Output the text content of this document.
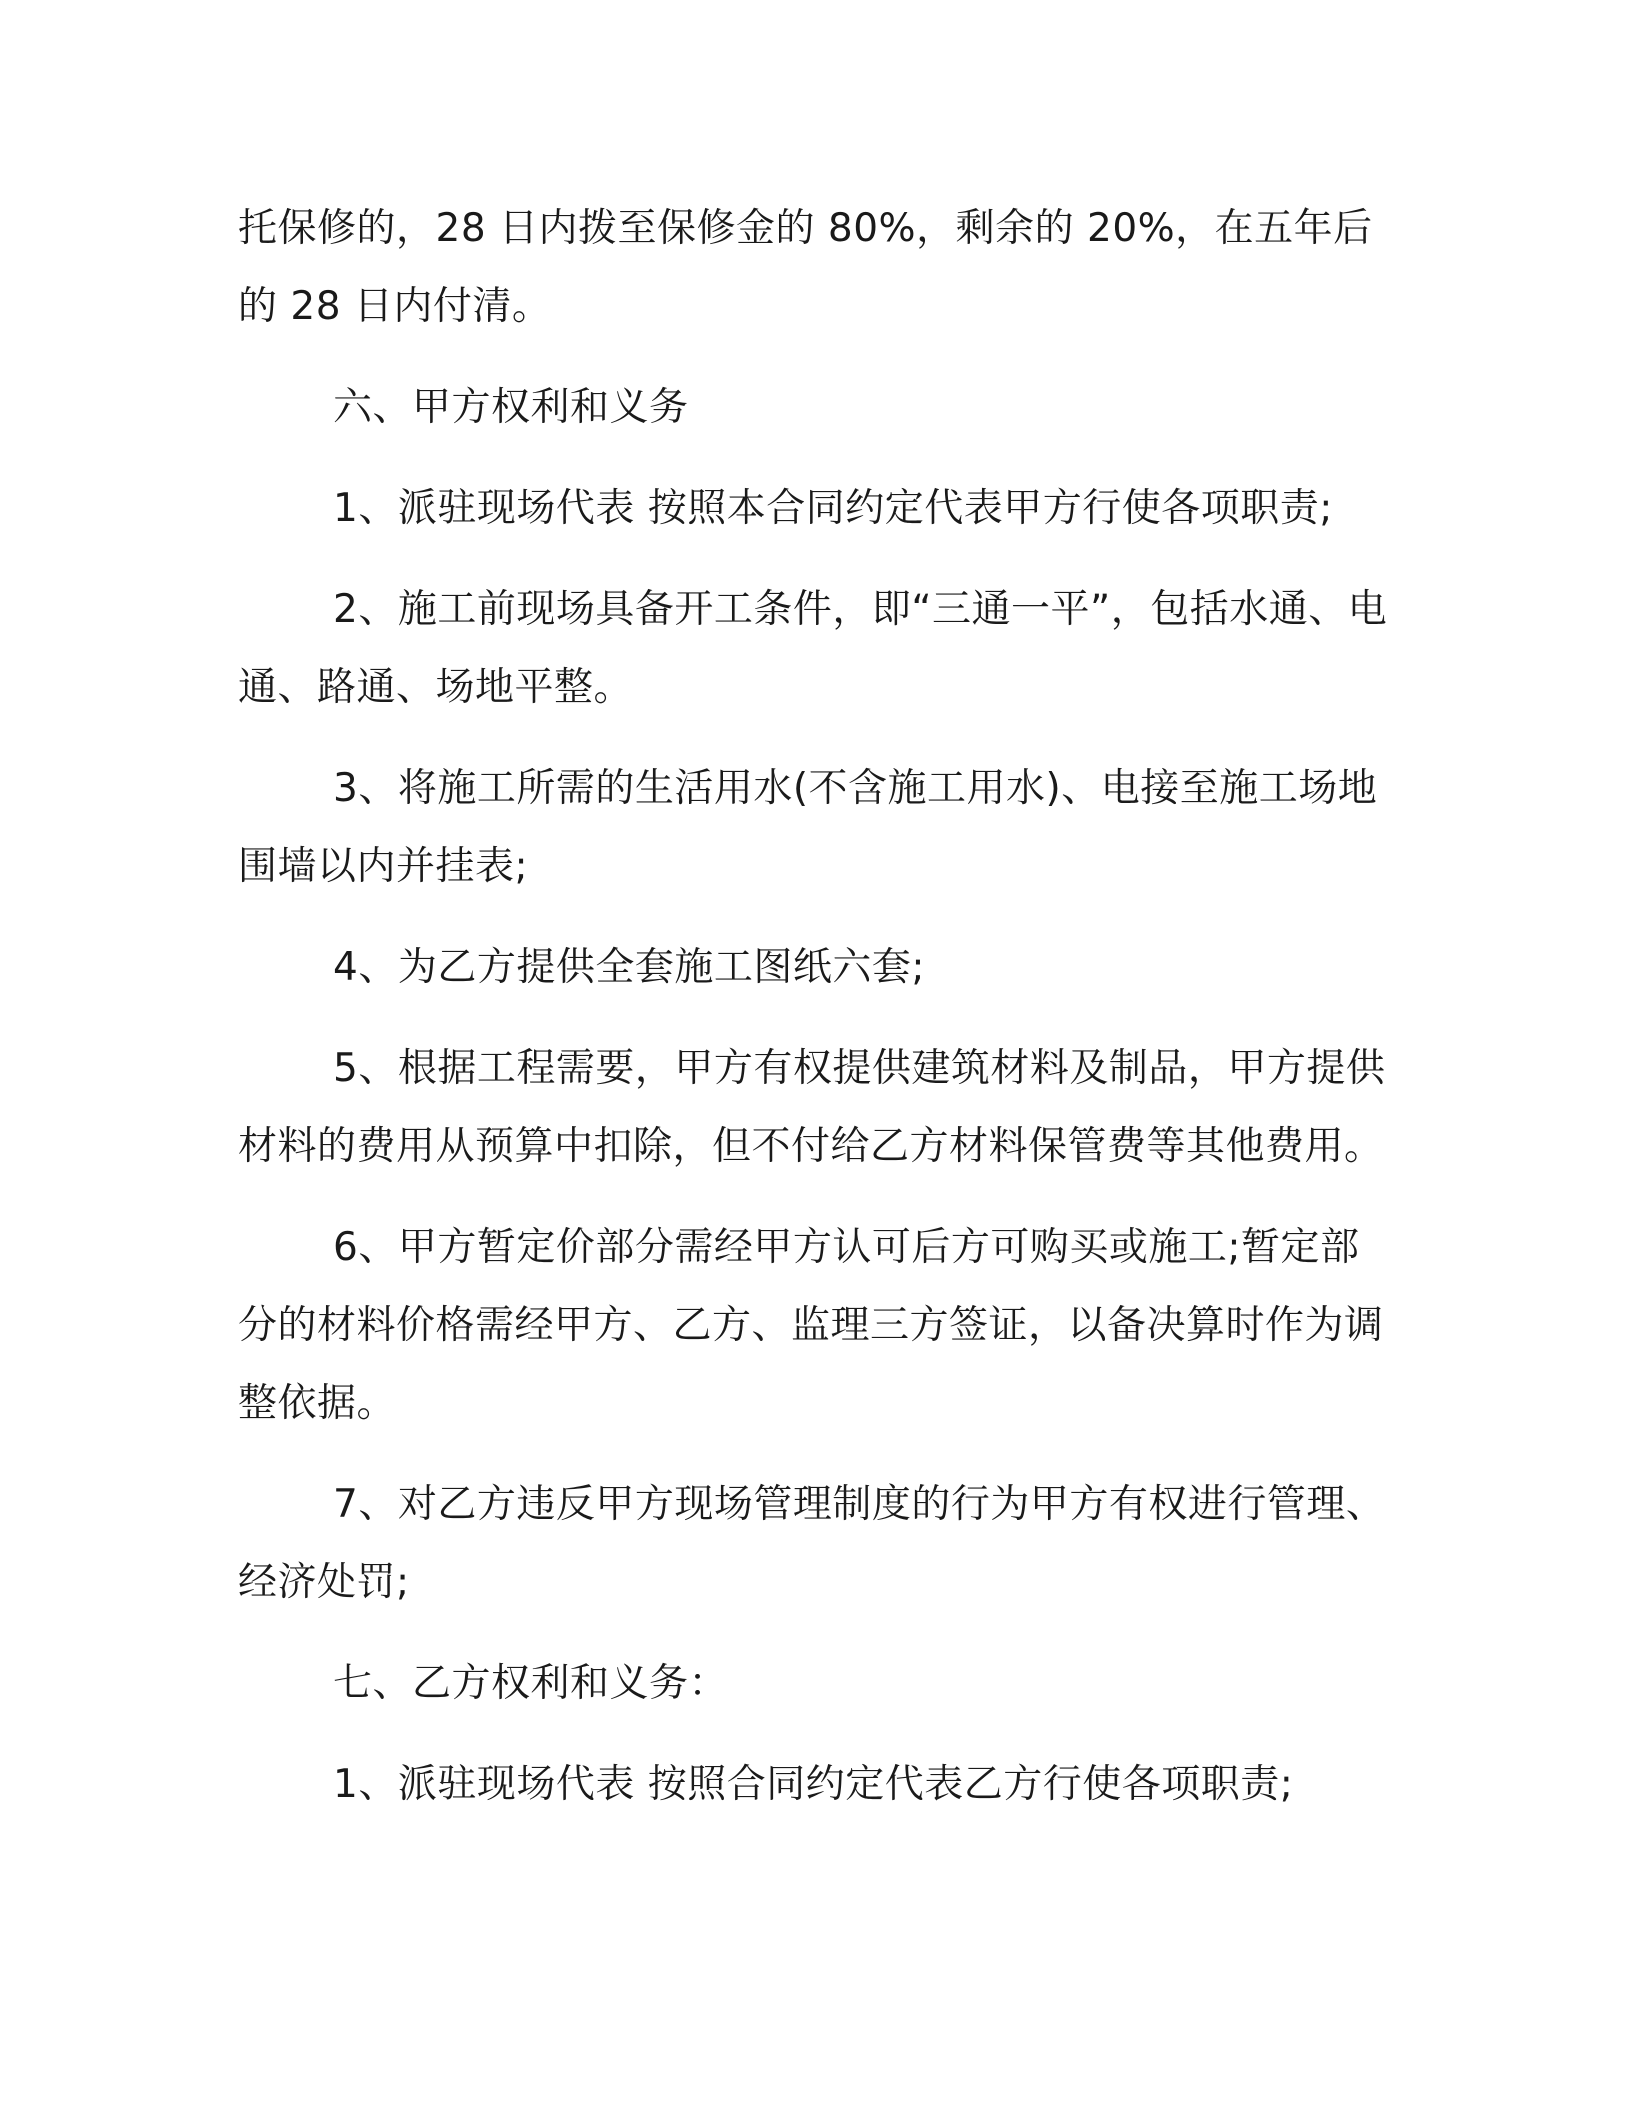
托保修的，28 日内拨至保修金的 80%，剩余的 20%，在五年后的 28 日内付清。

六、甲方权利和义务

1、派驻现场代表 按照本合同约定代表甲方行使各项职责;

2、施工前现场具备开工条件，即“三通一平”，包括水通、电通、路通、场地平整。

3、将施工所需的生活用水(不含施工用水)、电接至施工场地围墙以内并挂表;

4、为乙方提供全套施工图纸六套;

5、根据工程需要，甲方有权提供建筑材料及制品，甲方提供材料的费用从预算中扣除，但不付给乙方材料保管费等其他费用。

6、甲方暂定价部分需经甲方认可后方可购买或施工;暂定部分的材料价格需经甲方、乙方、监理三方签证，以备决算时作为调整依据。

7、对乙方违反甲方现场管理制度的行为甲方有权进行管理、经济处罚;

七、乙方权利和义务：

1、派驻现场代表 按照合同约定代表乙方行使各项职责;
